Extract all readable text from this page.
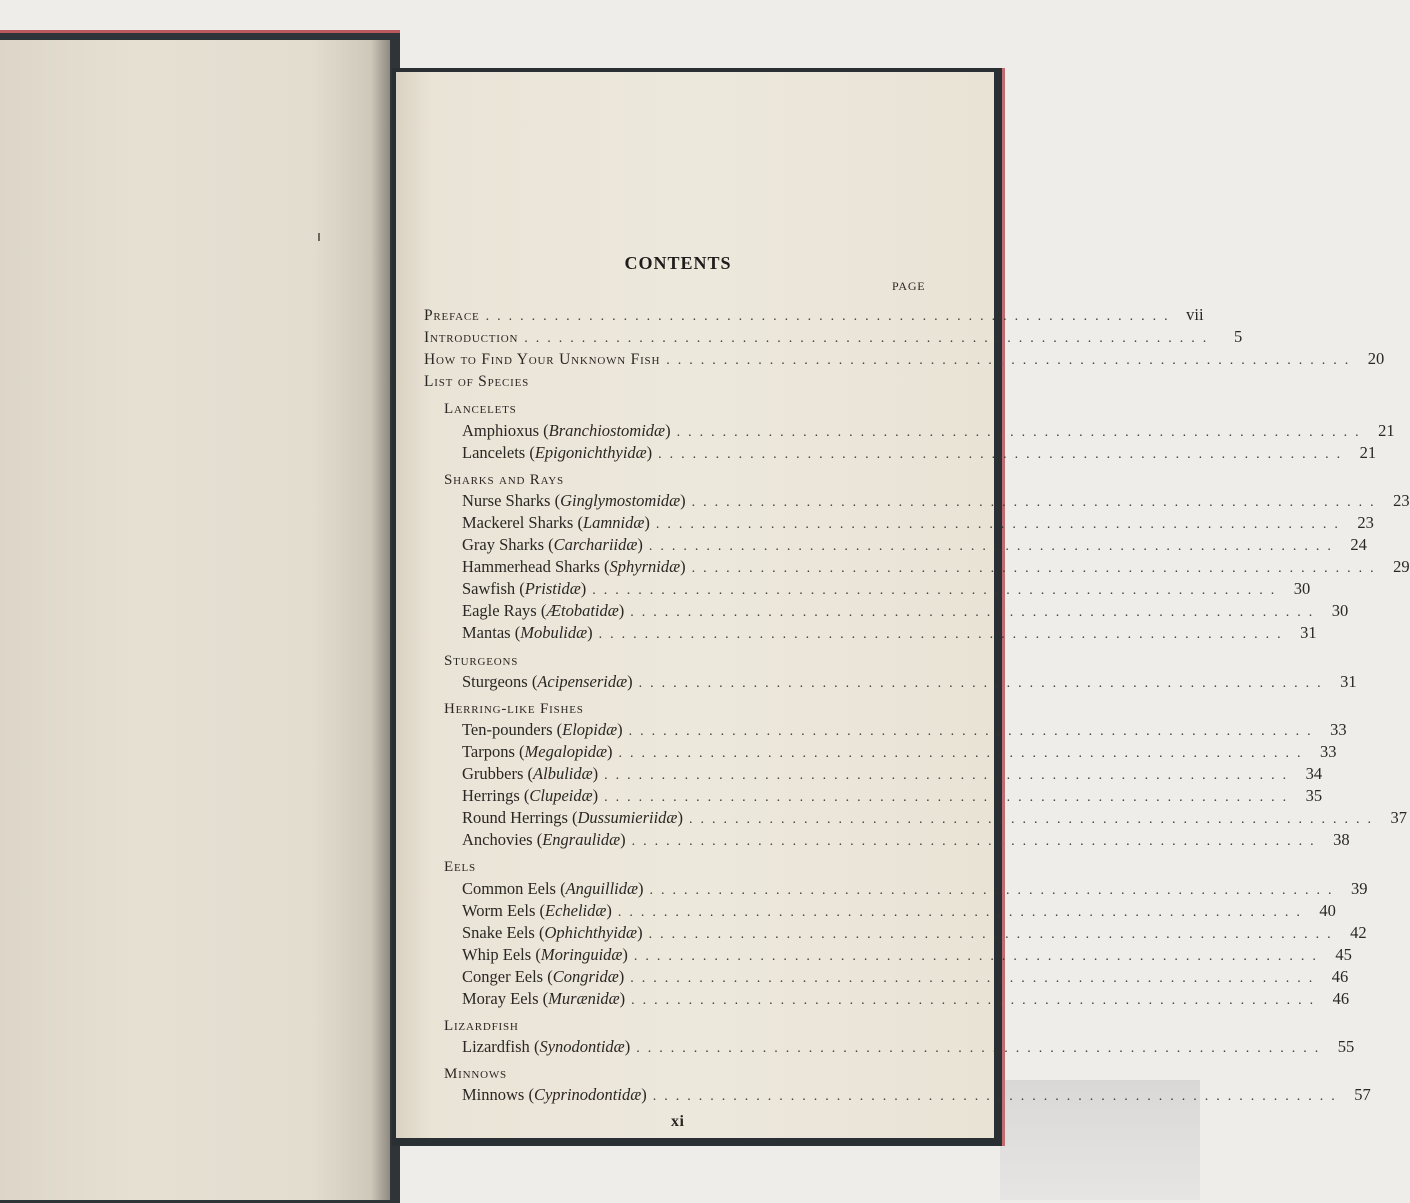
CONTENTS
PAGE
Preface ............................................................ vii
Introduction ............................................................	5
How to Find Your Unknown Fish ............................................................ 20
List of Species
Lancelets
Amphioxus (Branchiostomidæ) ............................................................ 21
Lancelets (Epigonichthyidæ) ............................................................ 21
Sharks and Rays
Nurse Sharks (Ginglymostomidæ) ............................................................ 23
Mackerel Sharks (Lamnidæ) ............................................................ 23
Gray Sharks (Carchariidæ) ............................................................ 24
Hammerhead Sharks (Sphyrnidæ) ............................................................ 29
Sawfish (Pristidæ) ............................................................ 30
Eagle Rays (Ætobatidæ) ............................................................ 30
Mantas (Mobulidæ) ............................................................ 31
Sturgeons
Sturgeons (Acipenseridæ) ............................................................ 31
Herring-like Fishes
Ten-pounders (Elopidæ) ............................................................ 33
Tarpons (Megalopidæ) ............................................................ 33
Grubbers (Albulidæ) ............................................................ 34
Herrings (Clupeidæ) ............................................................ 35
Round Herrings (Dussumieriidæ) ............................................................ 37
Anchovies (Engraulidæ) ............................................................ 38
Eels
Common Eels (Anguillidæ) ............................................................ 39
Worm Eels (Echelidæ) ............................................................ 40
Snake Eels (Ophichthyidæ) ............................................................ 42
Whip Eels (Moringuidæ) ............................................................ 45
Conger Eels (Congridæ) ............................................................ 46
Moray Eels (Murænidæ) ............................................................ 46
Lizardfish
Lizardfish (Synodontidæ) ............................................................ 55
Minnows
Minnows (Cyprinodontidæ) ............................................................ 57
xi
